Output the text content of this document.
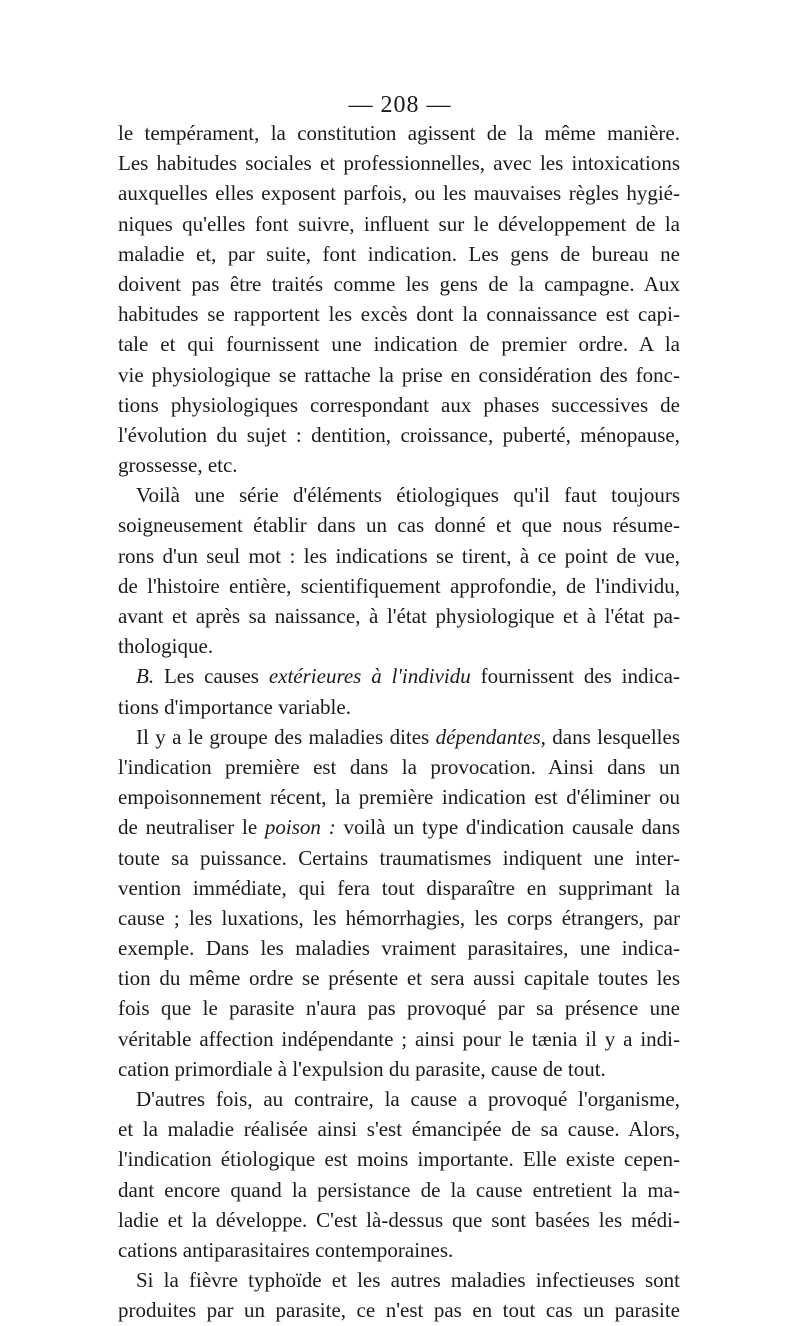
— 208 —
le tempérament, la constitution agissent de la même manière.
Les habitudes sociales et professionnelles, avec les intoxications
auxquelles elles exposent parfois, ou les mauvaises règles hygié-
niques qu'elles font suivre, influent sur le développement de la
maladie et, par suite, font indication. Les gens de bureau ne
doivent pas être traités comme les gens de la campagne. Aux
habitudes se rapportent les excès dont la connaissance est capi-
tale et qui fournissent une indication de premier ordre. A la
vie physiologique se rattache la prise en considération des fonc-
tions physiologiques correspondant aux phases successives de
l'évolution du sujet : dentition, croissance, puberté, ménopause,
grossesse, etc.
Voilà une série d'éléments étiologiques qu'il faut toujours
soigneusement établir dans un cas donné et que nous résume-
rons d'un seul mot : les indications se tirent, à ce point de vue,
de l'histoire entière, scientifiquement approfondie, de l'individu,
avant et après sa naissance, à l'état physiologique et à l'état pa-
thologique.
B. Les causes extérieures à l'individu fournissent des indica-
tions d'importance variable.
Il y a le groupe des maladies dites dépendantes, dans lesquelles
l'indication première est dans la provocation. Ainsi dans un
empoisonnement récent, la première indication est d'éliminer ou
de neutraliser le poison : voilà un type d'indication causale dans
toute sa puissance. Certains traumatismes indiquent une inter-
vention immédiate, qui fera tout disparaître en supprimant la
cause ; les luxations, les hémorrhagies, les corps étrangers, par
exemple. Dans les maladies vraiment parasitaires, une indica-
tion du même ordre se présente et sera aussi capitale toutes les
fois que le parasite n'aura pas provoqué par sa présence une
véritable affection indépendante ; ainsi pour le tænia il y a indi-
cation primordiale à l'expulsion du parasite, cause de tout.
D'autres fois, au contraire, la cause a provoqué l'organisme,
et la maladie réalisée ainsi s'est émancipée de sa cause. Alors,
l'indication étiologique est moins importante. Elle existe cepen-
dant encore quand la persistance de la cause entretient la ma-
ladie et la développe. C'est là-dessus que sont basées les médi-
cations antiparasitaires contemporaines.
Si la fièvre typhoïde et les autres maladies infectieuses sont
produites par un parasite, ce n'est pas en tout cas un parasite
